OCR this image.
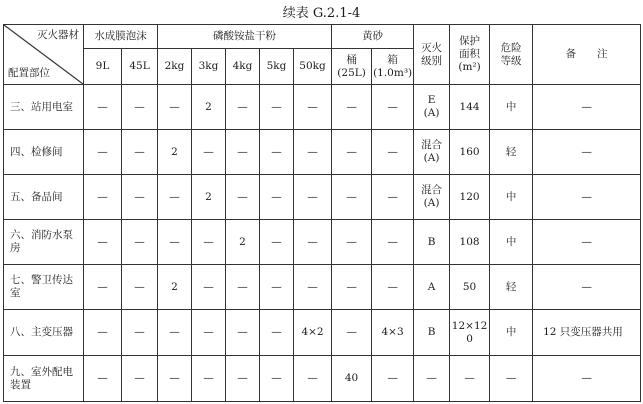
续表 G.2.1-4
灭火器材
配置部位	水成膜泡沫		磷酸铵盐干粉					黄砂		灭火
级别	保护
面积
(m²)	危险
等级	备　　注
	9L	45L	2kg	3kg	4kg	5kg	50kg	桶
(25L)	箱
(1.0m³)				

三、站用电室	—	—	—	2	—	—	—	—	—	E
(A)	144	中	—
四、检修间	—	—	2	—	—	—	—	—	—	混合
(A)	160	轻	—
五、备品间	—	—	—	2	—	—	—	—	—	混合
(A)	120	中	—
六、消防水泵房	—	—	—	—	2	—	—	—	—	B	108	中	—
七、警卫传达室	—	—	2	—	—	—	—	—	—	A	50	轻	—
八、主变压器	—	—	—	—	—	—	4×2	—	4×3	B	12×120	中	12 只变压器共用
九、室外配电装置	—	—	—	—	—	—	—	40	—	—	—	—	—
